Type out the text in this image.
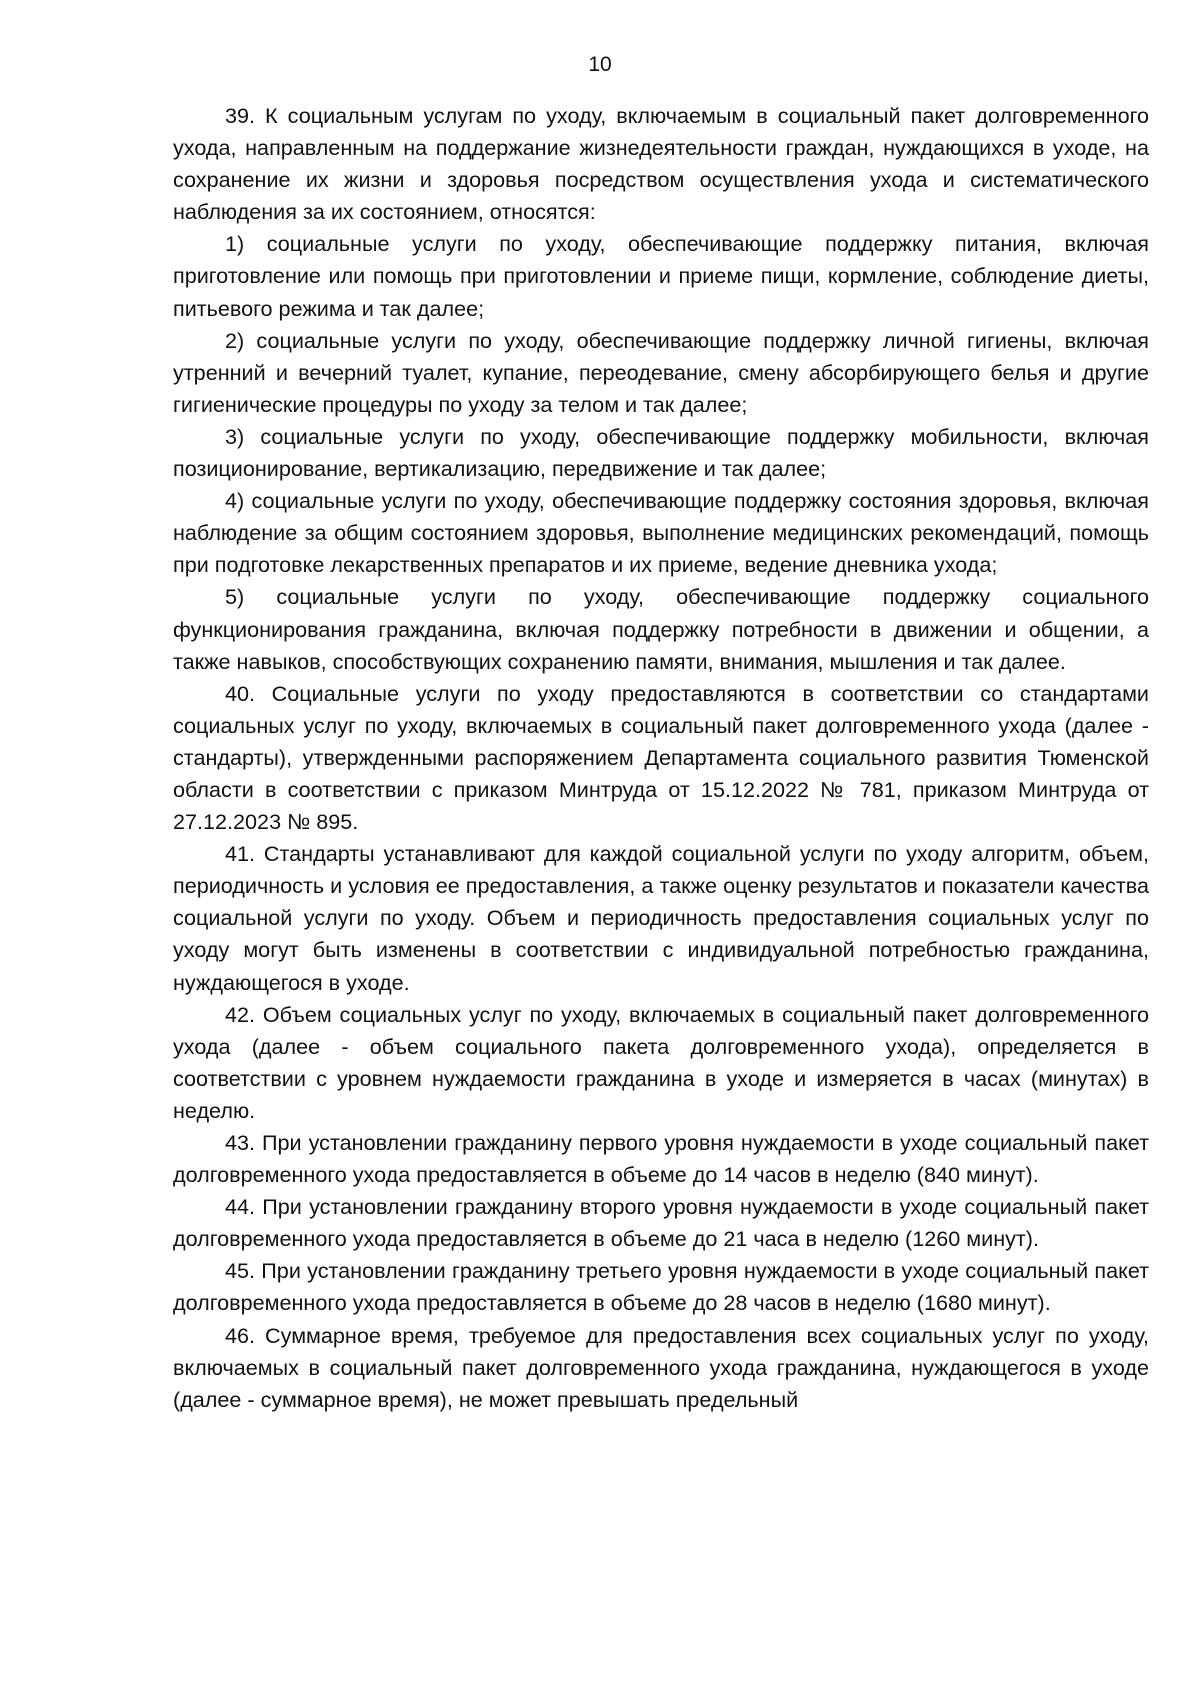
10

39. К социальным услугам по уходу, включаемым в социальный пакет долговременного ухода, направленным на поддержание жизнедеятельности граждан, нуждающихся в уходе, на сохранение их жизни и здоровья посредством осуществления ухода и систематического наблюдения за их состоянием, относятся:

1) социальные услуги по уходу, обеспечивающие поддержку питания, включая приготовление или помощь при приготовлении и приеме пищи, кормление, соблюдение диеты, питьевого режима и так далее;

2) социальные услуги по уходу, обеспечивающие поддержку личной гигиены, включая утренний и вечерний туалет, купание, переодевание, смену абсорбирующего белья и другие гигиенические процедуры по уходу за телом и так далее;

3) социальные услуги по уходу, обеспечивающие поддержку мобильности, включая позиционирование, вертикализацию, передвижение и так далее;

4) социальные услуги по уходу, обеспечивающие поддержку состояния здоровья, включая наблюдение за общим состоянием здоровья, выполнение медицинских рекомендаций, помощь при подготовке лекарственных препаратов и их приеме, ведение дневника ухода;

5) социальные услуги по уходу, обеспечивающие поддержку социального функционирования гражданина, включая поддержку потребности в движении и общении, а также навыков, способствующих сохранению памяти, внимания, мышления и так далее.

40. Социальные услуги по уходу предоставляются в соответствии со стандартами социальных услуг по уходу, включаемых в социальный пакет долговременного ухода (далее - стандарты), утвержденными распоряжением Департамента социального развития Тюменской области в соответствии с приказом Минтруда от 15.12.2022 № 781, приказом Минтруда от 27.12.2023 № 895.

41. Стандарты устанавливают для каждой социальной услуги по уходу алгоритм, объем, периодичность и условия ее предоставления, а также оценку результатов и показатели качества социальной услуги по уходу. Объем и периодичность предоставления социальных услуг по уходу могут быть изменены в соответствии с индивидуальной потребностью гражданина, нуждающегося в уходе.

42. Объем социальных услуг по уходу, включаемых в социальный пакет долговременного ухода (далее - объем социального пакета долговременного ухода), определяется в соответствии с уровнем нуждаемости гражданина в уходе и измеряется в часах (минутах) в неделю.

43. При установлении гражданину первого уровня нуждаемости в уходе социальный пакет долговременного ухода предоставляется в объеме до 14 часов в неделю (840 минут).

44. При установлении гражданину второго уровня нуждаемости в уходе социальный пакет долговременного ухода предоставляется в объеме до 21 часа в неделю (1260 минут).

45. При установлении гражданину третьего уровня нуждаемости в уходе социальный пакет долговременного ухода предоставляется в объеме до 28 часов в неделю (1680 минут).

46. Суммарное время, требуемое для предоставления всех социальных услуг по уходу, включаемых в социальный пакет долговременного ухода гражданина, нуждающегося в уходе (далее - суммарное время), не может превышать предельный
